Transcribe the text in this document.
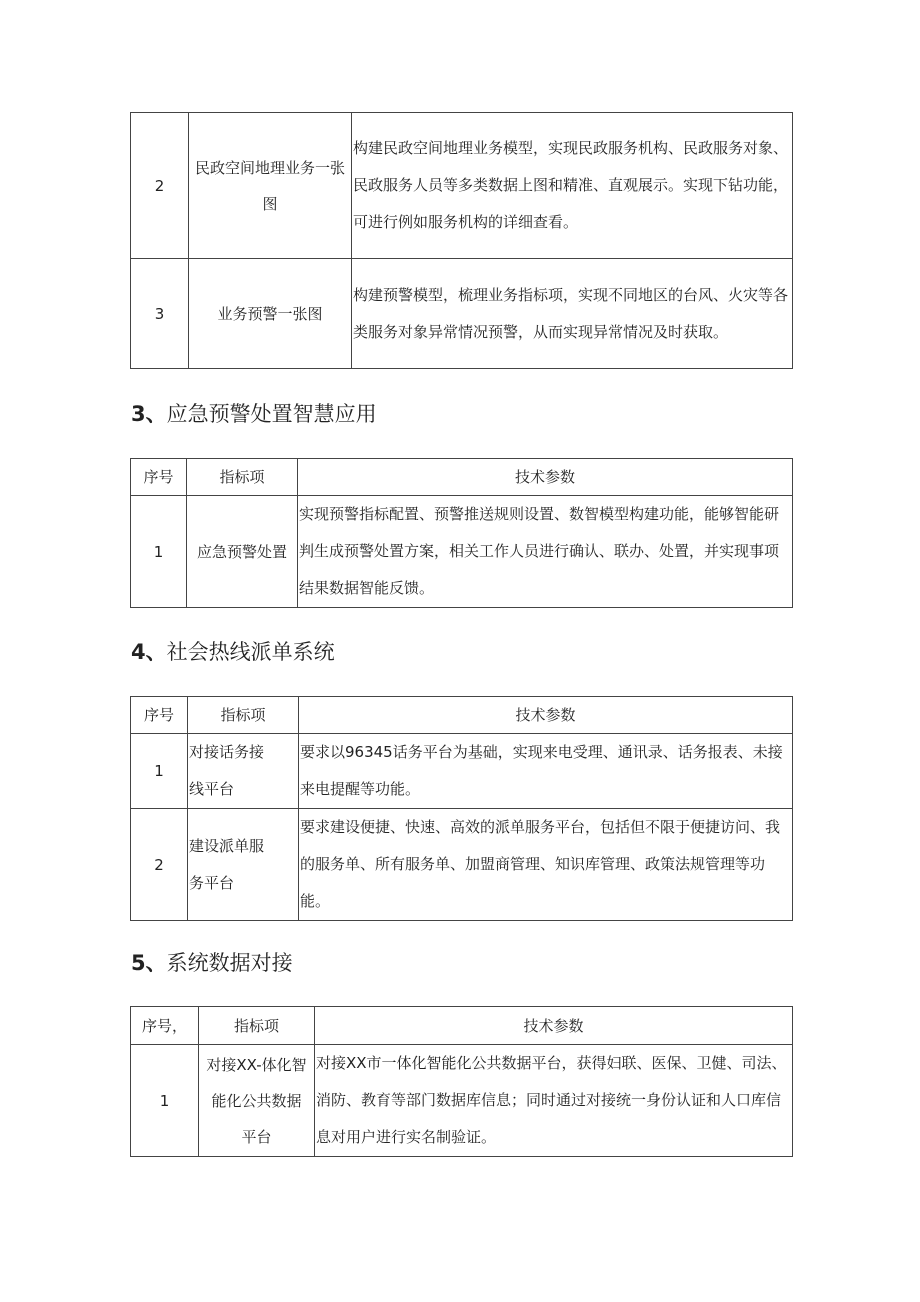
2	民政空间地理业务一张图	构建民政空间地理业务模型，实现民政服务机构、民政服务对象、民政服务人员等多类数据上图和精准、直观展示。实现下钻功能，可进行例如服务机构的详细查看。
3	业务预警一张图	构建预警模型，梳理业务指标项，实现不同地区的台风、火灾等各类服务对象异常情况预警，从而实现异常情况及时获取。
3、应急预警处置智慧应用
序号	指标项	技术参数
1	应急预警处置	实现预警指标配置、预警推送规则设置、数智模型构建功能，能够智能研判生成预警处置方案，相关工作人员进行确认、联办、处置，并实现事项结果数据智能反馈。
4、社会热线派单系统
序号	指标项	技术参数
1	对接话务接线平台	要求以96345话务平台为基础，实现来电受理、通讯录、话务报表、未接来电提醒等功能。
2	建设派单服务平台	要求建设便捷、快速、高效的派单服务平台，包括但不限于便捷访问、我的服务单、所有服务单、加盟商管理、知识库管理、政策法规管理等功能。
5、系统数据对接
序号，	指标项	技术参数
1	对接XX-体化智能化公共数据平台	对接XX市一体化智能化公共数据平台，获得妇联、医保、卫健、司法、消防、教育等部门数据库信息；同时通过对接统一身份认证和人口库信息对用户进行实名制验证。
